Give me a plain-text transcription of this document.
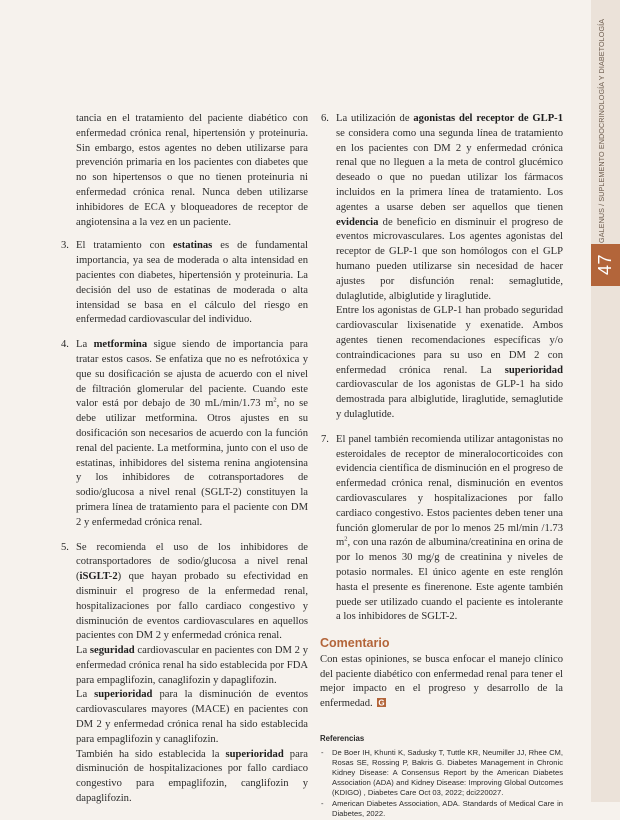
GALENUS / SUPLEMENTO ENDOCRINOLOGÍA Y DIABETOLOGÍA
47

tancia en el tratamiento del paciente diabético con enfermedad crónica renal, hipertensión y proteinuria. Sin embargo, estos agentes no deben utilizarse para prevención primaria en los pacientes con diabetes que no son hipertensos o que no tienen proteinuria ni enfermedad crónica renal. Nunca deben utilizarse inhibidores de ECA y bloqueadores de receptor de angiotensina a la vez en un paciente.

3. El tratamiento con estatinas es de fundamental importancia, ya sea de moderada o alta intensidad en pacientes con diabetes, hipertensión y proteinuria. La decisión del uso de estatinas de moderada o alta intensidad se basa en el cálculo del riesgo en enfermedad cardiovascular del individuo.

4. La metformina sigue siendo de importancia para tratar estos casos. Se enfatiza que no es nefrotóxica y que su dosificación se ajusta de acuerdo con el nivel de filtración glomerular del paciente. Cuando este valor está por debajo de 30 mL/min/1.73 $m^2$, no se debe utilizar metformina. Otros ajustes en su dosificación son necesarios de acuerdo con la función renal del paciente. La metformina, junto con el uso de estatinas, inhibidores del sistema renina angiotensina y los inhibidores de cotransportadores de sodio/glucosa a nivel renal (SGLT-2) constituyen la primera línea de tratamiento para el paciente con DM 2 y enfermedad crónica renal.

5. Se recomienda el uso de los inhibidores de cotransportadores de sodio/glucosa a nivel renal (iSGLT-2) que hayan probado su efectividad en disminuir el progreso de la enfermedad renal, hospitalizaciones por fallo cardiaco congestivo y disminución de eventos cardiovasculares en aquellos pacientes con DM 2 y enfermedad crónica renal.

La seguridad cardiovascular en pacientes con DM 2 y enfermedad crónica renal ha sido establecida por FDA para empaglifozin, canaglifozin y dapaglifozin.

La superioridad para la disminución de eventos cardiovasculares mayores (MACE) en pacientes con DM 2 y enfermedad crónica renal ha sido establecida para empaglifozin y canaglifozin.

También ha sido establecida la superioridad para disminución de hospitalizaciones por fallo cardiaco congestivo para empaglifozin, canglifozin y dapaglifozin.

6. La utilización de agonistas del receptor de GLP-1 se considera como una segunda línea de tratamiento en los pacientes con DM 2 y enfermedad crónica renal que no lleguen a la meta de control glucémico deseado o que no puedan utilizar los fármacos incluidos en la primera línea de tratamiento. Los agentes a usarse deben ser aquellos que tienen evidencia de beneficio en disminuir el progreso de eventos microvasculares. Los agentes agonistas del receptor de GLP-1 que son homólogos con el GLP humano pueden utilizarse sin necesidad de hacer ajustes por disfunción renal: semaglutide, dulaglutide, albiglutide y liraglutide.

Entre los agonistas de GLP-1 han probado seguridad cardiovascular lixisenatide y exenatide. Ambos agentes tienen recomendaciones específicas y/o contraindicaciones para su uso en DM 2 con enfermedad crónica renal. La superioridad cardiovascular de los agonistas de GLP-1 ha sido demostrada para albiglutide, liraglutide, semaglutide y dulaglutide.

7. El panel también recomienda utilizar antagonistas no esteroidales de receptor de mineralocorticoides con evidencia científica de disminución en el progreso de enfermedad crónica renal, disminución en eventos cardiovasculares y hospitalizaciones por fallo cardiaco congestivo. Estos pacientes deben tener una función glomerular de por lo menos 25 ml/min /1.73 $m^2$, con una razón de albumina/creatinina en orina de por lo menos 30 mg/g de creatinina y niveles de potasio normales. El único agente en este renglón hasta el presente es finerenone. Este agente también puede ser utilizado cuando el paciente es intolerante a los inhibidores de SGLT-2.

Comentario

Con estas opiniones, se busca enfocar el manejo clínico del paciente diabético con enfermedad renal para tener el mejor impacto en el progreso y desarrollo de la enfermedad. G

Referencias
- De Boer IH, Khunti K, Sadusky T, Tuttle KR, Neumiller JJ, Rhee CM, Rosas SE, Rossing P, Bakris G. Diabetes Management in Chronic Kidney Disease: A Consensus Report by the American Diabetes Association (ADA) and Kidney Disease: Improving Global Outcomes (KDIGO) , Diabetes Care Oct 03, 2022; dci220027.
- American Diabetes Association, ADA. Standards of Medical Care in Diabetes, 2022.
